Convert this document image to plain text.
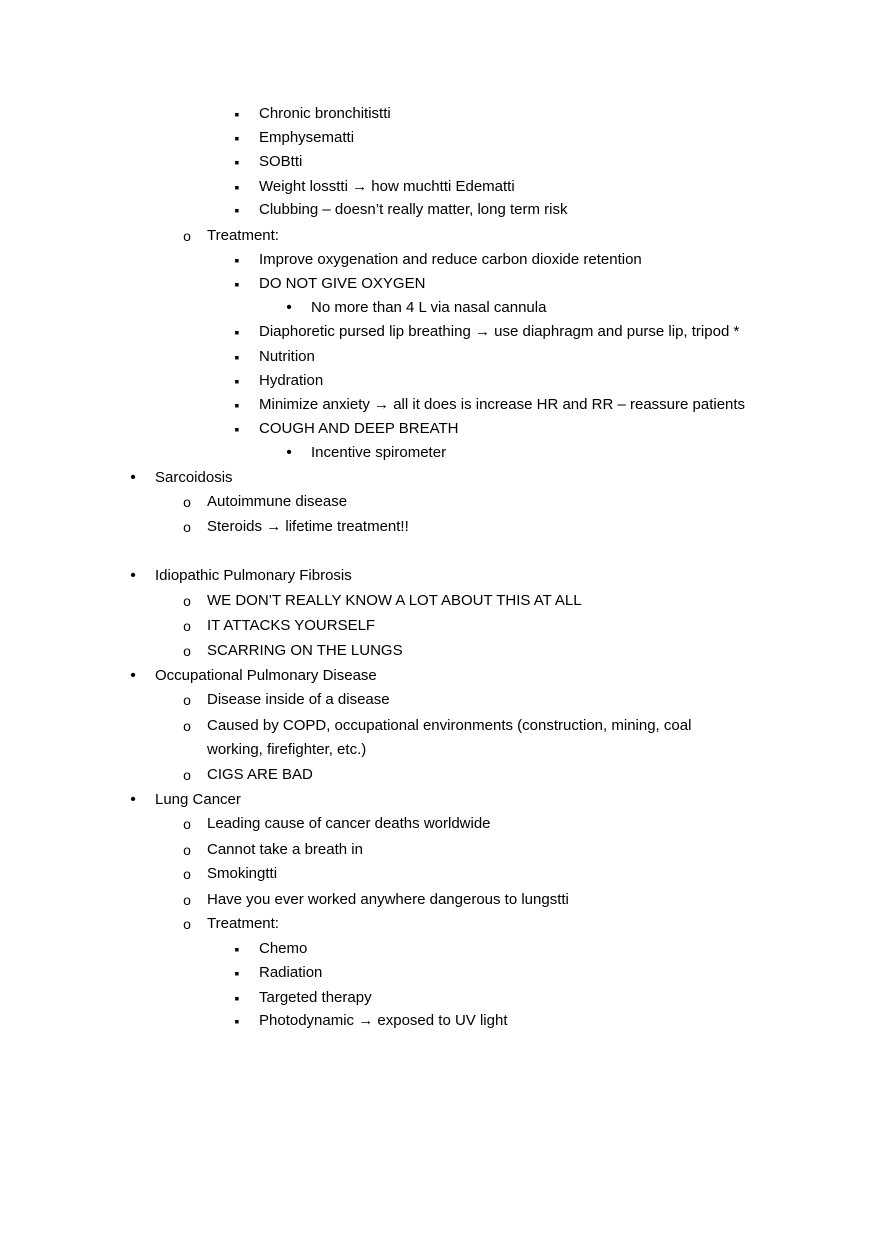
▪
Chronic bronchitistti
▪
Emphysematti
▪
SOBtti
▪
Weight losstti → how muchtti Edematti
▪
Clubbing – doesn’t really matter, long term risk
o
Treatment:
▪
Improve oxygenation and reduce carbon dioxide retention
▪
DO NOT GIVE OXYGEN
•
No more than 4 L via nasal cannula
▪
Diaphoretic pursed lip breathing → use diaphragm and purse lip, tripod *
▪
Nutrition
▪
Hydration
▪
Minimize anxiety → all it does is increase HR and RR – reassure patients
▪
COUGH AND DEEP BREATH
•
Incentive spirometer
•
Sarcoidosis
o
Autoimmune disease
o
Steroids → lifetime treatment!!
•
Idiopathic Pulmonary Fibrosis
o
WE DON’T REALLY KNOW A LOT ABOUT THIS AT ALL
o
IT ATTACKS YOURSELF
o
SCARRING ON THE LUNGS
•
Occupational Pulmonary Disease
o
Disease inside of a disease
o
Caused by COPD, occupational environments (construction, mining, coal
working, firefighter, etc.)
o
CIGS ARE BAD
•
Lung Cancer
o
Leading cause of cancer deaths worldwide
o
Cannot take a breath in
o
Smokingtti
o
Have you ever worked anywhere dangerous to lungstti
o
Treatment:
▪
Chemo
▪
Radiation
▪
Targeted therapy
▪
Photodynamic → exposed to UV light
